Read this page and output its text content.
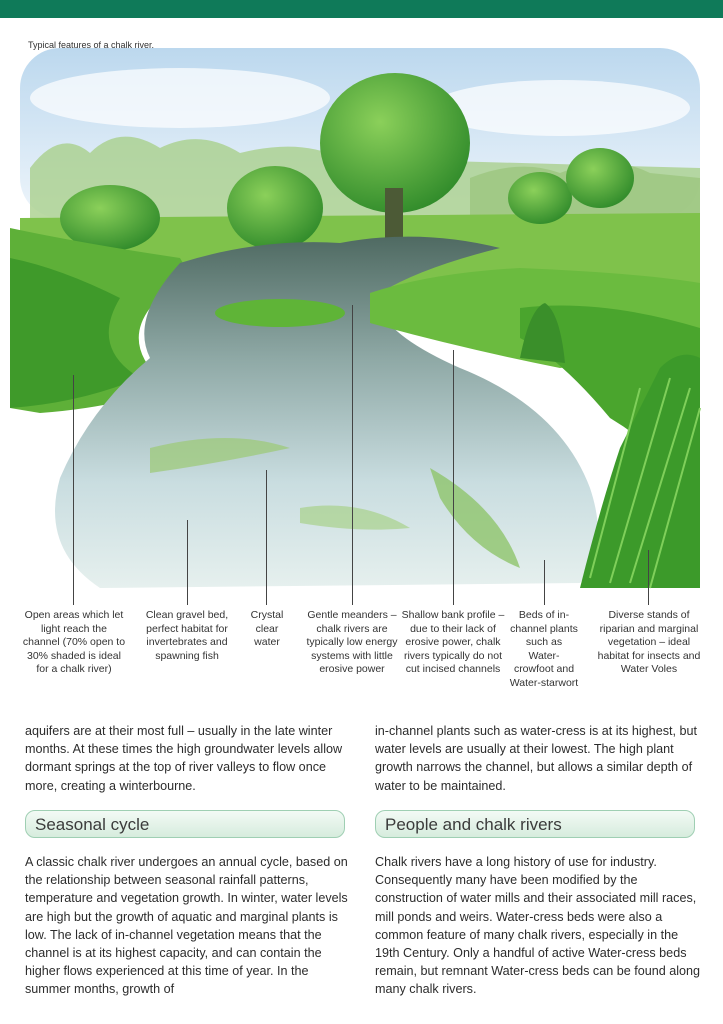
Typical features of a chalk river.
Open areas which let light reach the channel (70% open to 30% shaded is ideal for a chalk river)
Clean gravel bed, perfect habitat for invertebrates and spawning fish
Crystal clear water
Gentle meanders – chalk rivers are typically low energy systems with little erosive power
Shallow bank profile – due to their lack of erosive power, chalk rivers typically do not cut incised channels
Beds of in-channel plants such as Water-crowfoot and Water-starwort
Diverse stands of riparian and marginal vegetation – ideal habitat for insects and Water Voles

aquifers are at their most full – usually in the late winter months. At these times the high groundwater levels allow dormant springs at the top of river valleys to flow once more, creating a winterbourne.

Seasonal cycle

A classic chalk river undergoes an annual cycle, based on the relationship between seasonal rainfall patterns, temperature and vegetation growth. In winter, water levels are high but the growth of aquatic and marginal plants is low. The lack of in-channel vegetation means that the channel is at its highest capacity, and can contain the higher flows experienced at this time of year. In the summer months, growth of

in-channel plants such as water-cress is at its highest, but water levels are usually at their lowest. The high plant growth narrows the channel, but allows a similar depth of water to be maintained.

People and chalk rivers

Chalk rivers have a long history of use for industry. Consequently many have been modified by the construction of water mills and their associated mill races, mill ponds and weirs. Water-cress beds were also a common feature of many chalk rivers, especially in the 19th Century. Only a handful of active Water-cress beds remain, but remnant Water-cress beds can be found along many chalk rivers.
